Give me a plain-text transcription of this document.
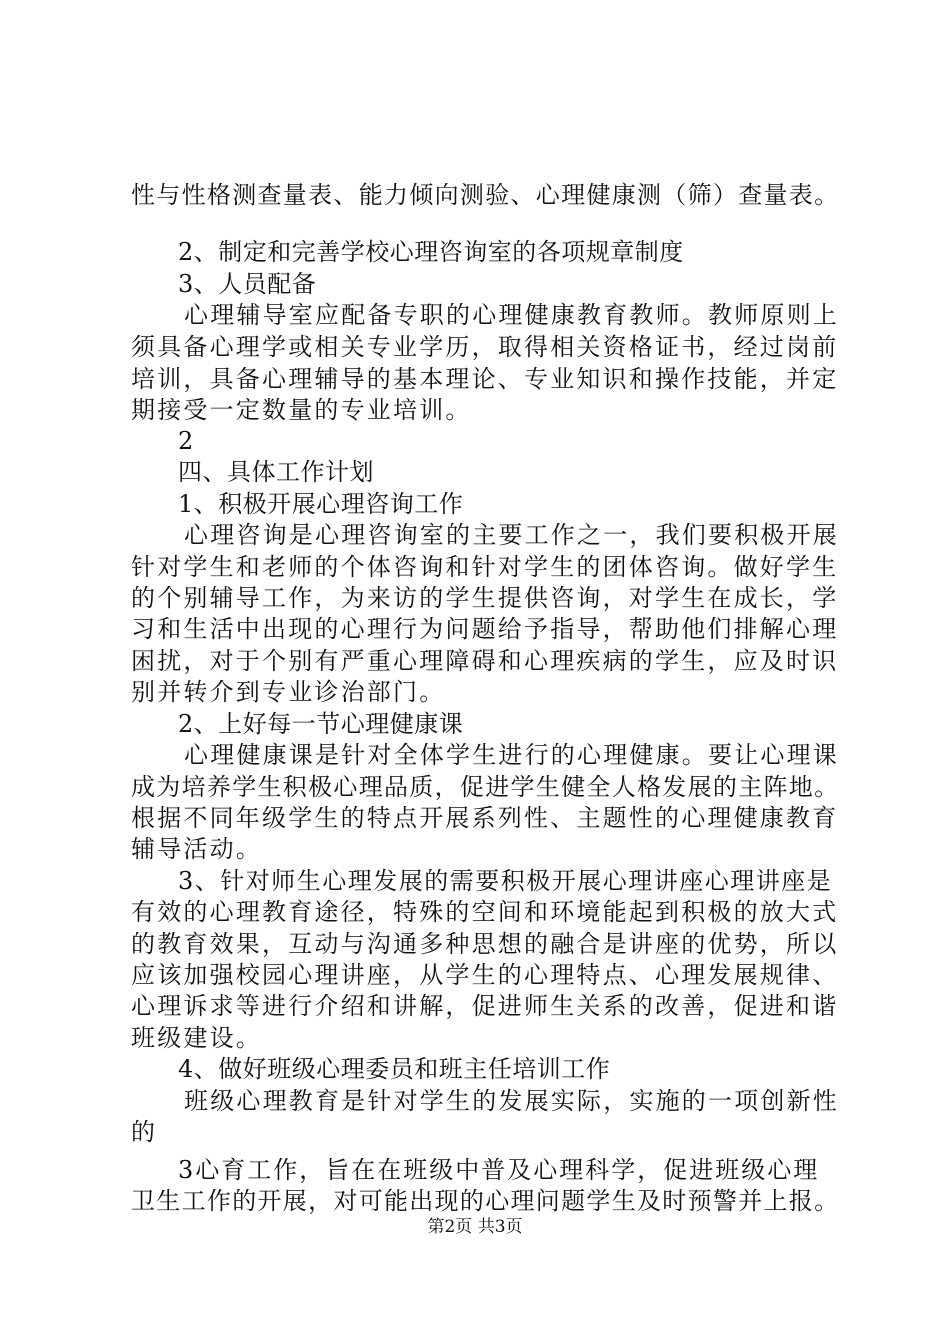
性与性格测查量表、能力倾向测验、心理健康测（筛）查量表。
2、制定和完善学校心理咨询室的各项规章制度
3、人员配备
心理辅导室应配备专职的心理健康教育教师。教师原则上
须具备心理学或相关专业学历，取得相关资格证书，经过岗前
培训，具备心理辅导的基本理论、专业知识和操作技能，并定
期接受一定数量的专业培训。
2
四、具体工作计划
1、积极开展心理咨询工作
心理咨询是心理咨询室的主要工作之一，我们要积极开展
针对学生和老师的个体咨询和针对学生的团体咨询。做好学生
的个别辅导工作，为来访的学生提供咨询，对学生在成长，学
习和生活中出现的心理行为问题给予指导，帮助他们排解心理
困扰，对于个别有严重心理障碍和心理疾病的学生，应及时识
别并转介到专业诊治部门。
2、上好每一节心理健康课
心理健康课是针对全体学生进行的心理健康。要让心理课
成为培养学生积极心理品质，促进学生健全人格发展的主阵地。
根据不同年级学生的特点开展系列性、主题性的心理健康教育
辅导活动。
3、针对师生心理发展的需要积极开展心理讲座心理讲座是
有效的心理教育途径，特殊的空间和环境能起到积极的放大式
的教育效果，互动与沟通多种思想的融合是讲座的优势，所以
应该加强校园心理讲座，从学生的心理特点、心理发展规律、
心理诉求等进行介绍和讲解，促进师生关系的改善，促进和谐
班级建设。
4、做好班级心理委员和班主任培训工作
班级心理教育是针对学生的发展实际，实施的一项创新性
的
3心育工作，旨在在班级中普及心理科学，促进班级心理
卫生工作的开展，对可能出现的心理问题学生及时预警并上报。
第2页 共3页
